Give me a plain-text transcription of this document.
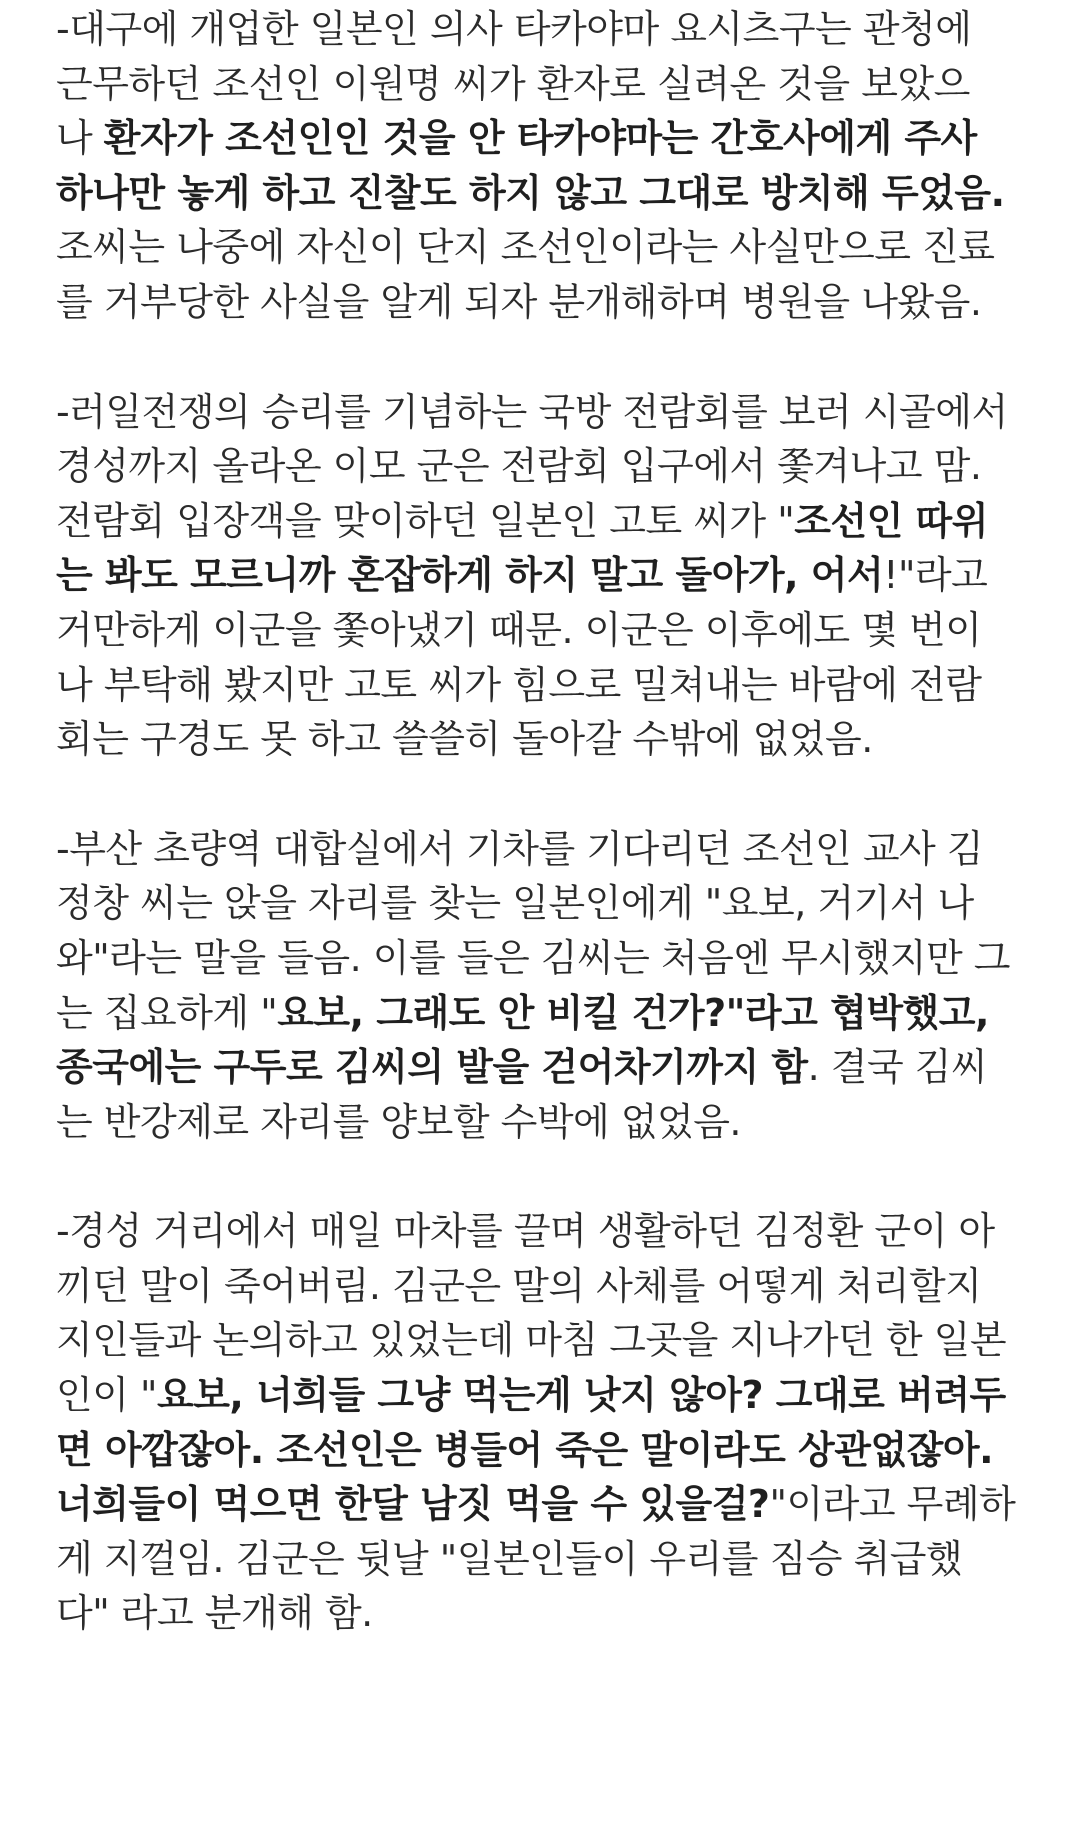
-대구에 개업한 일본인 의사 타카야마 요시츠구는 관청에
근무하던 조선인 이원명 씨가 환자로 실려온 것을 보았으
나 환자가 조선인인 것을 안 타카야마는 간호사에게 주사
하나만 놓게 하고 진찰도 하지 않고 그대로 방치해 두었음.
조씨는 나중에 자신이 단지 조선인이라는 사실만으로 진료
를 거부당한 사실을 알게 되자 분개해하며 병원을 나왔음.
-러일전쟁의 승리를 기념하는 국방 전람회를 보러 시골에서
경성까지 올라온 이모 군은 전람회 입구에서 쫓겨나고 맘.
전람회 입장객을 맞이하던 일본인 고토 씨가 "조선인 따위
는 봐도 모르니까 혼잡하게 하지 말고 돌아가, 어서!"라고
거만하게 이군을 쫓아냈기 때문. 이군은 이후에도 몇 번이
나 부탁해 봤지만 고토 씨가 힘으로 밀쳐내는 바람에 전람
회는 구경도 못 하고 쓸쓸히 돌아갈 수밖에 없었음.
-부산 초량역 대합실에서 기차를 기다리던 조선인 교사 김
정창 씨는 앉을 자리를 찾는 일본인에게 "요보, 거기서 나
와"라는 말을 들음. 이를 들은 김씨는 처음엔 무시했지만 그
는 집요하게 "요보, 그래도 안 비킬 건가?"라고 협박했고,
종국에는 구두로 김씨의 발을 걷어차기까지 함. 결국 김씨
는 반강제로 자리를 양보할 수박에 없었음.
-경성 거리에서 매일 마차를 끌며 생활하던 김정환 군이 아
끼던 말이 죽어버림. 김군은 말의 사체를 어떻게 처리할지
지인들과 논의하고 있었는데 마침 그곳을 지나가던 한 일본
인이 "요보, 너희들 그냥 먹는게 낫지 않아? 그대로 버려두
면 아깝잖아. 조선인은 병들어 죽은 말이라도 상관없잖아.
너희들이 먹으면 한달 남짓 먹을 수 있을걸?"이라고 무례하
게 지껄임. 김군은 뒷날 "일본인들이 우리를 짐승 취급했
다" 라고 분개해 함.
